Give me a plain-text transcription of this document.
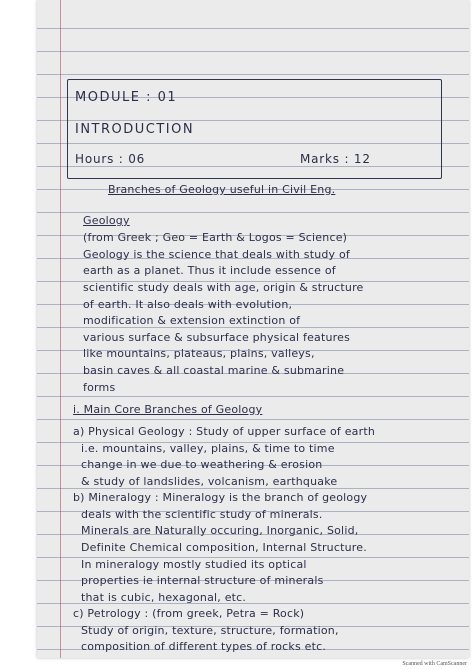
MODULE : 01
INTRODUCTION
Hours : 06	Marks : 12
Branches of Geology useful in Civil Eng.
Geology
(from Greek ; Geo = Earth & Logos = Science)
Geology is the science that deals with study of
earth as a planet. Thus it include essence of
scientific study deals with age, origin & structure
of earth. It also deals with evolution,
modification & extension extinction of
various surface & subsurface physical features
like mountains, plateaus, plains, valleys,
basin caves & all coastal marine & submarine
forms
i. Main Core Branches of Geology
a) Physical Geology : Study of upper surface of earth
i.e. mountains, valley, plains, & time to time
change in we due to weathering & erosion
& study of landslides, volcanism, earthquake
b) Mineralogy : Mineralogy is the branch of geology
deals with the scientific study of minerals.
Minerals are Naturally occuring, Inorganic, Solid,
Definite Chemical composition, Internal Structure.
In mineralogy mostly studied its optical
properties ie internal structure of minerals
that is cubic, hexagonal, etc.
c) Petrology : (from greek, Petra = Rock)
Study of origin, texture, structure, formation,
composition of different types of rocks etc.
Scanned with CamScanner
